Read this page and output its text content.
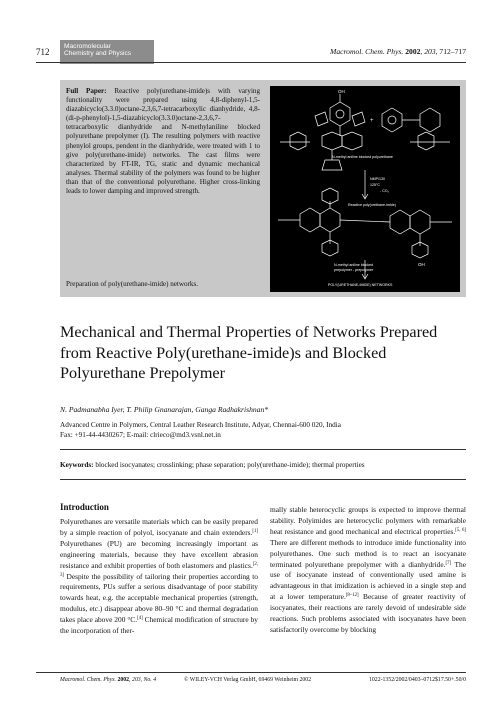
712
Macromolecular
Chemistry and Physics	Macromol. Chem. Phys. 2002, 203, 712–717
Full Paper: Reactive poly(urethane-imide)s with varying functionality were prepared using 4,8-diphenyl-1,5-diazabicyclo(3.3.0)octane-2,3,6,7-tetracarboxylic dianhydride, 4,8-(di-p-phenylol)-1,5-diazabicyclo(3.3.0)octane-2,3,6,7-tetracarboxylic dianhydride and N-methylaniline blocked polyurethane prepolymer (I). The resulting polymers with reactive phenylol groups, pendent in the dianhydride, were treated with 1 to give poly(urethane-imide) networks. The cast films were characterized by FT-IR, TG, static and dynamic mechanical analyses. Thermal stability of the polymers was found to be higher than that of the conventional polyurethane. Higher cross-linking leads to lower damping and improved strength.
OH
+
N-methyl aniline blocked polyurethane
NMP/130
125°C
- CO₂
Reactive poly(urethane-imide)
OH
N-methyl aniline blocked
prepolymer - prepolymer
POLY(URETHANE-IMIDE) NETWORKS
Preparation of poly(urethane-imide) networks.
Mechanical and Thermal Properties of Networks Prepared from Reactive Poly(urethane-imide)s and Blocked Polyurethane Prepolymer
N. Padmanabha Iyer, T. Philip Gnanarajan, Ganga Radhakrishnan*
Advanced Centre in Polymers, Central Leather Research Institute, Adyar, Chennai-600 020, India
Fax: +91-44-4430267; E-mail: clrieco@md3.vsnl.net.in
Keywords: blocked isocyanates; crosslinking; phase separation; poly(urethane-imide); thermal properties
Introduction
Polyurethanes are versatile materials which can be easily prepared by a simple reaction of polyol, isocyanate and chain extenders.[1] Polyurethanes (PU) are becoming increasingly important as engineering materials, because they have excellent abrasion resistance and exhibit properties of both elastomers and plastics.[2, 3] Despite the possibility of tailoring their properties according to requirements, PUs suffer a serious disadvantage of poor stability towards heat, e.g. the acceptable mechanical properties (strength, modulus, etc.) disappear above 80–90 °C and thermal degradation takes place above 200 °C.[4] Chemical modification of structure by the incorporation of ther-
mally stable heterocyclic groups is expected to improve thermal stability. Polyimides are heterocyclic polymers with remarkable heat resistance and good mechanical and electrical properties.[5, 6] There are different methods to introduce imide functionality into polyurethanes. One such method is to react an isocyanate terminated polyurethane prepolymer with a dianhydride.[7] The use of isocyanate instead of conventionally used amine is advantageous in that imidization is achieved in a single step and at a lower temperature.[8–12] Because of greater reactivity of isocyanates, their reactions are rarely devoid of undesirable side reactions. Such problems associated with isocyanates have been satisfactorily overcome by blocking
Macromol. Chem. Phys. 2002, 203, No. 4	© WILEY-VCH Verlag GmbH, 69469 Weinheim 2002	1022-1352/2002/0403–0712$17.50+.50/0
